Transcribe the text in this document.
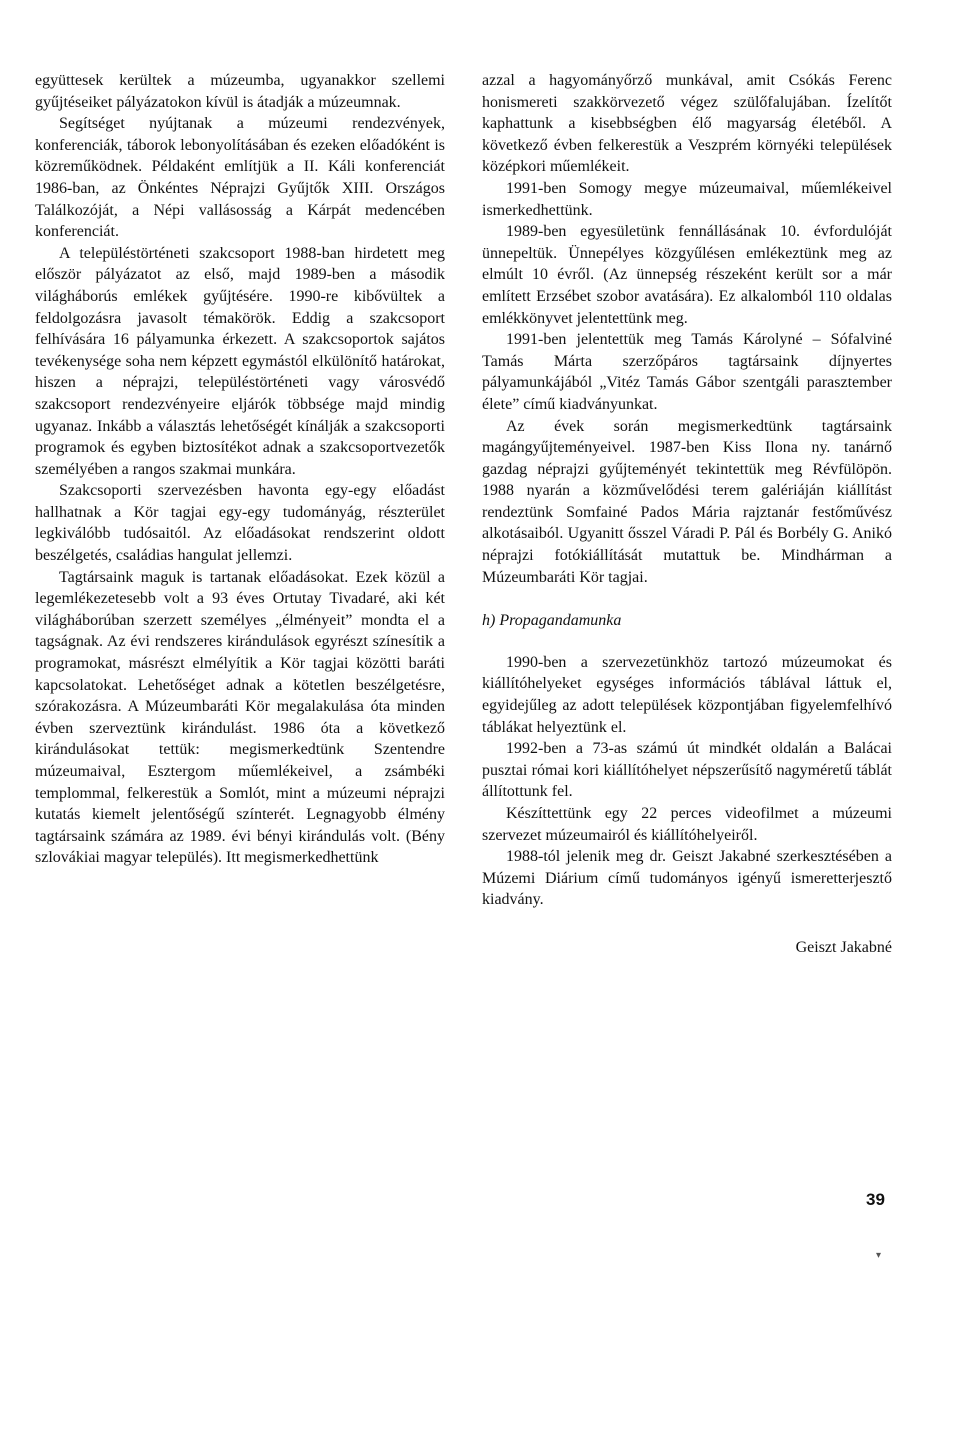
együttesek kerültek a múzeumba, ugyanakkor szellemi gyűjtéseiket pályázatokon kívül is átadják a múzeumnak.

Segítséget nyújtanak a múzeumi rendezvények, konferenciák, táborok lebonyolításában és ezeken előadóként is közreműködnek. Példaként említjük a II. Káli konferenciát 1986-ban, az Önkéntes Néprajzi Gyűjtők XIII. Országos Találkozóját, a Népi vallásosság a Kárpát medencében konferenciát.

A településtörténeti szakcsoport 1988-ban hirdetett meg először pályázatot az első, majd 1989-ben a második világháborús emlékek gyűjtésére. 1990-re kibővültek a feldolgozásra javasolt témakörök. Eddig a szakcsoport felhívására 16 pályamunka érkezett. A szakcsoportok sajátos tevékenysége soha nem képzett egymástól elkülönítő határokat, hiszen a néprajzi, településtörténeti vagy városvédő szakcsoport rendezvényeire eljárók többsége majd mindig ugyanaz. Inkább a választás lehetőségét kínálják a szakcsoporti programok és egyben biztosítékot adnak a szakcsoportvezetők személyében a rangos szakmai munkára.

Szakcsoporti szervezésben havonta egy-egy előadást hallhatnak a Kör tagjai egy-egy tudományág, részterület legkiválóbb tudósaitól. Az előadásokat rendszerint oldott beszélgetés, családias hangulat jellemzi.

Tagtársaink maguk is tartanak előadásokat. Ezek közül a legemlékezetesebb volt a 93 éves Ortutay Tivadaré, aki két világháborúban szerzett személyes „élményeit” mondta el a tagságnak. Az évi rendszeres kirándulások egyrészt színesítik a programokat, másrészt elmélyítik a Kör tagjai közötti baráti kapcsolatokat. Lehetőséget adnak a kötetlen beszélgetésre, szórakozásra. A Múzeumbaráti Kör megalakulása óta minden évben szerveztünk kirándulást. 1986 óta a következő kirándulásokat tettük: megismerkedtünk Szentendre múzeumaival, Esztergom műemlékeivel, a zsámbéki templommal, felkerestük a Somlót, mint a múzeumi néprajzi kutatás kiemelt jelentőségű színterét. Legnagyobb élmény tagtársaink számára az 1989. évi bényi kirándulás volt. (Bény szlovákiai magyar település). Itt megismerkedhettünk

azzal a hagyományőrző munkával, amit Csókás Ferenc honismereti szakkörvezető végez szülőfalujában. Ízelítőt kaphattunk a kisebbségben élő magyarság életéből. A következő évben felkerestük a Veszprém környéki települések középkori műemlékeit.

1991-ben Somogy megye múzeumaival, műemlékeivel ismerkedhettünk.

1989-ben egyesületünk fennállásának 10. évfordulóját ünnepeltük. Ünnepélyes közgyűlésen emlékeztünk meg az elmúlt 10 évről. (Az ünnepség részeként került sor a már említett Erzsébet szobor avatására). Ez alkalomból 110 oldalas emlékkönyvet jelentettünk meg.

1991-ben jelentettük meg Tamás Károlyné – Sófalviné Tamás Márta szerzőpáros tagtársaink díjnyertes pályamunkájából „Vitéz Tamás Gábor szentgáli parasztember élete” című kiadványunkat.

Az évek során megismerkedtünk tagtársaink magángyűjteményeivel. 1987-ben Kiss Ilona ny. tanárnő gazdag néprajzi gyűjteményét tekintettük meg Révfülöpön. 1988 nyarán a közművelődési terem galériáján kiállítást rendeztünk Somfainé Pados Mária rajztanár festőművész alkotásaiból. Ugyanitt ősszel Váradi P. Pál és Borbély G. Anikó néprajzi fotókiállítását mutattuk be. Mindhárman a Múzeumbaráti Kör tagjai.

h) Propagandamunka

1990-ben a szervezetünkhöz tartozó múzeumokat és kiállítóhelyeket egységes információs táblával láttuk el, egyidejűleg az adott települések központjában figyelemfelhívó táblákat helyeztünk el.

1992-ben a 73-as számú út mindkét oldalán a Balácai pusztai római kori kiállítóhelyet népszerűsítő nagyméretű táblát állítottunk fel.

Készíttettünk egy 22 perces videofilmet a múzeumi szervezet múzeumairól és kiállítóhelyeiről.

1988-tól jelenik meg dr. Geiszt Jakabné szerkesztésében a Múzemi Diárium című tudományos igényű ismeretterjesztő kiadvány.

Geiszt Jakabné

39
▾
